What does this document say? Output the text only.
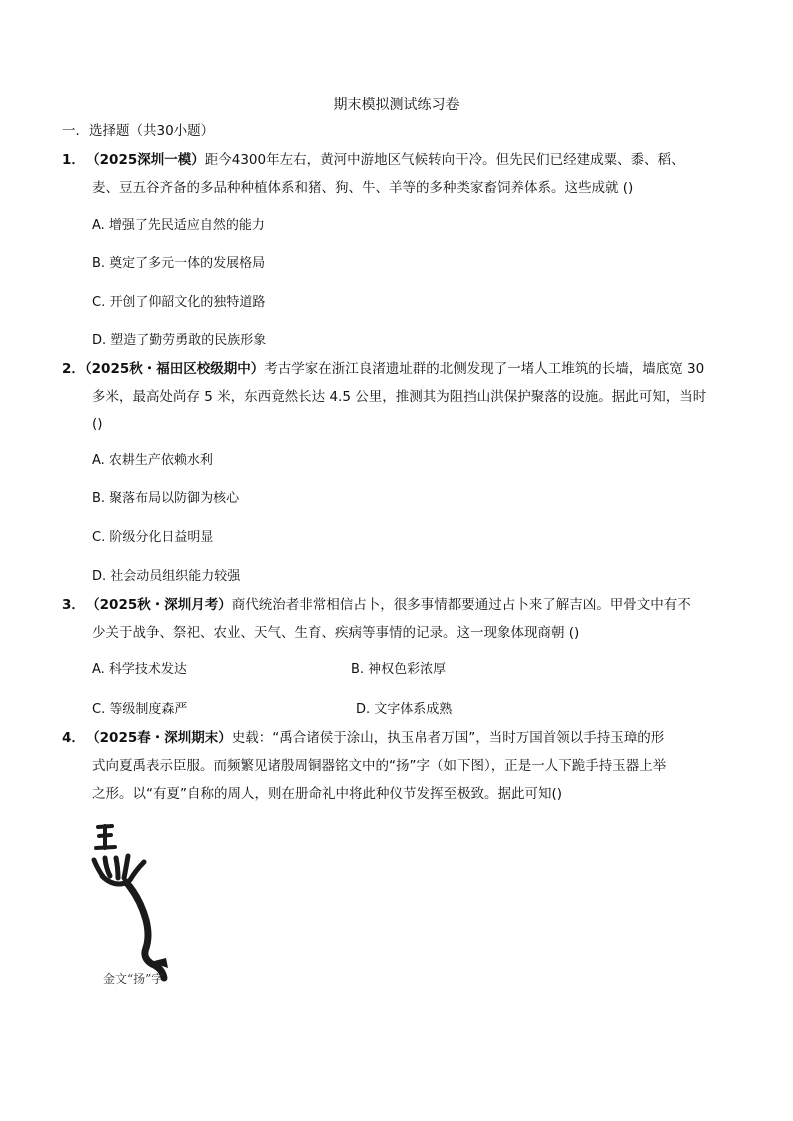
期末模拟测试练习卷
一．选择题（共30小题）
1． （2025深圳一模）距今4300年左右，黄河中游地区气候转向干冷。但先民们已经建成粟、黍、稻、
麦、豆五谷齐备的多品种种植体系和猪、狗、牛、羊等的多种类家畜饲养体系。这些成就 ()
A. 增强了先民适应自然的能力
B. 奠定了多元一体的发展格局
C. 开创了仰韶文化的独特道路
D. 塑造了勤劳勇敢的民族形象
2．（2025秋・福田区校级期中）考古学家在浙江良渚遗址群的北侧发现了一堵人工堆筑的长墙，墙底宽 30
多米，最高处尚存 5 米，东西竟然长达 4.5 公里，推测其为阻挡山洪保护聚落的设施。据此可知，当时
()
A. 农耕生产依赖水利
B. 聚落布局以防御为核心
C. 阶级分化日益明显
D. 社会动员组织能力较强
3． （2025秋・深圳月考）商代统治者非常相信占卜，很多事情都要通过占卜来了解吉凶。甲骨文中有不
少关于战争、祭祀、农业、天气、生育、疾病等事情的记录。这一现象体现商朝 ()
A. 科学技术发达	B. 神权色彩浓厚
C. 等级制度森严	D. 文字体系成熟
4． （2025春・深圳期末）史载：“禹合诸侯于涂山，执玉帛者万国”，当时万国首领以手持玉璋的形
式向夏禹表示臣服。而频繁见诸殷周铜器铭文中的“扬”字（如下图），正是一人下跪手持玉器上举
之形。以“有夏”自称的周人，则在册命礼中将此种仪节发挥至极致。据此可知()
金文“扬”字
